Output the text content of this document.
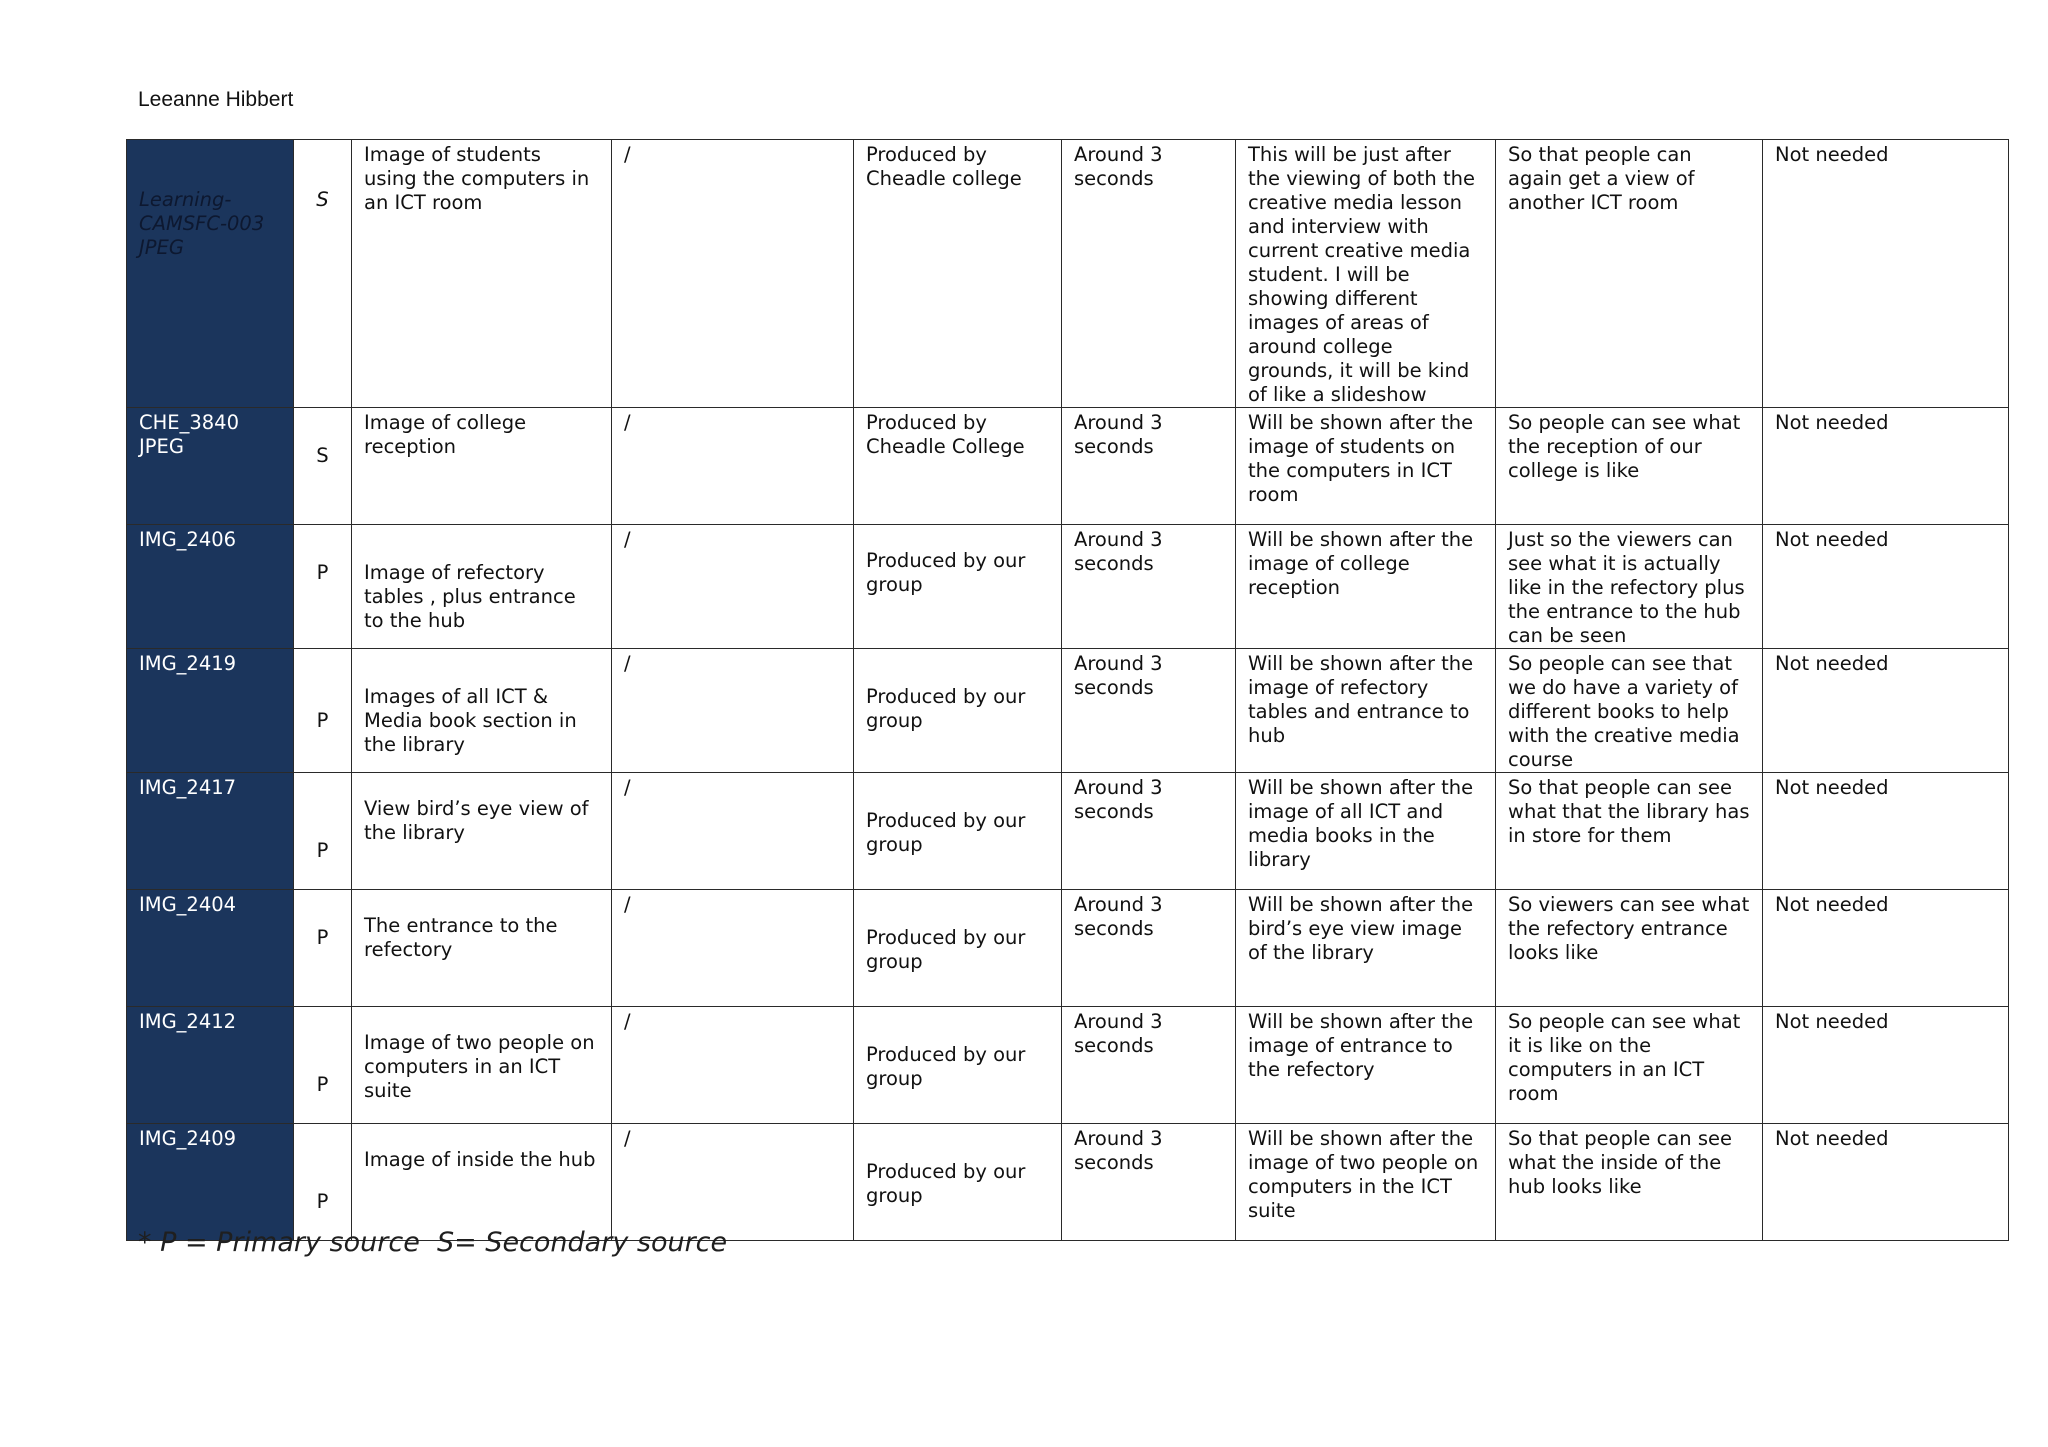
Leeanne Hibbert
Learning-CAMSFC-003 JPEG	S	Image of students using the computers in an ICT room	/	Produced by Cheadle college	Around 3 seconds	This will be just after the viewing of both the creative media lesson and interview with current creative media student. I will be showing different images of areas of around college grounds, it will be kind of like a slideshow	So that people can again get a view of another ICT room	Not needed
CHE_3840 JPEG	S	Image of college reception	/	Produced by Cheadle College	Around 3 seconds	Will be shown after the image of students on the computers in ICT room	So people can see what the reception of our college is like	Not needed
IMG_2406	P	Image of refectory tables , plus entrance to the hub	/	Produced by our group	Around 3 seconds	Will be shown after the image of college reception	Just so the viewers can see what it is actually like in the refectory plus the entrance to the hub can be seen	Not needed
IMG_2419	P	Images of all ICT & Media book section in the library	/	Produced by our group	Around 3 seconds	Will be shown after the image of refectory tables and entrance to hub	So people can see that we do have a variety of different books to help with the creative media course	Not needed
IMG_2417	P	View bird’s eye view of the library	/	Produced by our group	Around 3 seconds	Will be shown after the image of all ICT and media books in the library	So that people can see what that the library has in store for them	Not needed
IMG_2404	P	The entrance to the refectory	/	Produced by our group	Around 3 seconds	Will be shown after the bird’s eye view image of the library	So viewers can see what the refectory entrance looks like	Not needed
IMG_2412	P	Image of two people on computers in an ICT suite	/	Produced by our group	Around 3 seconds	Will be shown after the image of entrance to the refectory	So people can see what it is like on the computers in an ICT room	Not needed
IMG_2409	P	Image of inside the hub	/	Produced by our group	Around 3 seconds	Will be shown after the image of two people on computers in the ICT suite	So that people can see what the inside of the hub looks like	Not needed
* P = Primary source  S= Secondary source
